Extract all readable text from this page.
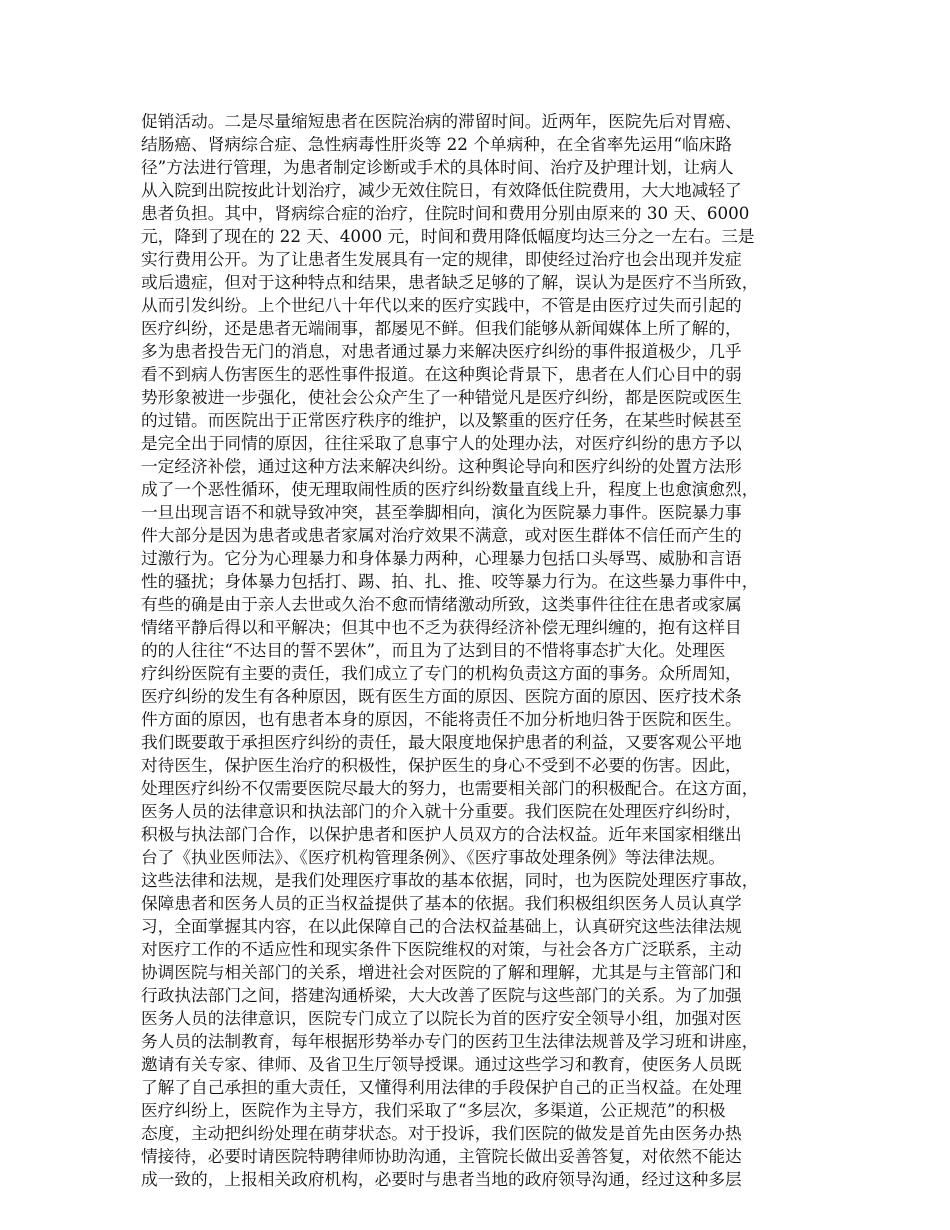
促销活动。二是尽量缩短患者在医院治病的滞留时间。近两年，医院先后对胃癌、
结肠癌、肾病综合症、急性病毒性肝炎等 22 个单病种，在全省率先运用“临床路
径”方法进行管理，为患者制定诊断或手术的具体时间、治疗及护理计划，让病人
从入院到出院按此计划治疗，减少无效住院日，有效降低住院费用，大大地减轻了
患者负担。其中，肾病综合症的治疗，住院时间和费用分别由原来的 30 天、6000
元，降到了现在的 22 天、4000 元，时间和费用降低幅度均达三分之一左右。三是
实行费用公开。为了让患者生发展具有一定的规律，即使经过治疗也会出现并发症
或后遗症，但对于这种特点和结果，患者缺乏足够的了解，误认为是医疗不当所致，
从而引发纠纷。上个世纪八十年代以来的医疗实践中，不管是由医疗过失而引起的
医疗纠纷，还是患者无端闹事，都屡见不鲜。但我们能够从新闻媒体上所了解的，
多为患者投告无门的消息，对患者通过暴力来解决医疗纠纷的事件报道极少，几乎
看不到病人伤害医生的恶性事件报道。在这种舆论背景下，患者在人们心目中的弱
势形象被进一步强化，使社会公众产生了一种错觉凡是医疗纠纷，都是医院或医生
的过错。而医院出于正常医疗秩序的维护，以及繁重的医疗任务，在某些时候甚至
是完全出于同情的原因，往往采取了息事宁人的处理办法，对医疗纠纷的患方予以
一定经济补偿，通过这种方法来解决纠纷。这种舆论导向和医疗纠纷的处置方法形
成了一个恶性循环，使无理取闹性质的医疗纠纷数量直线上升，程度上也愈演愈烈，
一旦出现言语不和就导致冲突，甚至拳脚相向，演化为医院暴力事件。医院暴力事
件大部分是因为患者或患者家属对治疗效果不满意，或对医生群体不信任而产生的
过激行为。它分为心理暴力和身体暴力两种，心理暴力包括口头辱骂、威胁和言语
性的骚扰；身体暴力包括打、踢、拍、扎、推、咬等暴力行为。在这些暴力事件中，
有些的确是由于亲人去世或久治不愈而情绪激动所致，这类事件往往在患者或家属
情绪平静后得以和平解决；但其中也不乏为获得经济补偿无理纠缠的，抱有这样目
的的人往往“不达目的誓不罢休”，而且为了达到目的不惜将事态扩大化。处理医
疗纠纷医院有主要的责任，我们成立了专门的机构负责这方面的事务。众所周知，
医疗纠纷的发生有各种原因，既有医生方面的原因、医院方面的原因、医疗技术条
件方面的原因，也有患者本身的原因，不能将责任不加分析地归咎于医院和医生。
我们既要敢于承担医疗纠纷的责任，最大限度地保护患者的利益，又要客观公平地
对待医生，保护医生治疗的积极性，保护医生的身心不受到不必要的伤害。因此，
处理医疗纠纷不仅需要医院尽最大的努力，也需要相关部门的积极配合。在这方面，
医务人员的法律意识和执法部门的介入就十分重要。我们医院在处理医疗纠纷时，
积极与执法部门合作，以保护患者和医护人员双方的合法权益。近年来国家相继出
台了《执业医师法》、《医疗机构管理条例》、《医疗事故处理条例》等法律法规。
这些法律和法规，是我们处理医疗事故的基本依据，同时，也为医院处理医疗事故，
保障患者和医务人员的正当权益提供了基本的依据。我们积极组织医务人员认真学
习，全面掌握其内容，在以此保障自己的合法权益基础上，认真研究这些法律法规
对医疗工作的不适应性和现实条件下医院维权的对策，与社会各方广泛联系，主动
协调医院与相关部门的关系，增进社会对医院的了解和理解，尤其是与主管部门和
行政执法部门之间，搭建沟通桥梁，大大改善了医院与这些部门的关系。为了加强
医务人员的法律意识，医院专门成立了以院长为首的医疗安全领导小组，加强对医
务人员的法制教育，每年根据形势举办专门的医药卫生法律法规普及学习班和讲座，
邀请有关专家、律师、及省卫生厅领导授课。通过这些学习和教育，使医务人员既
了解了自己承担的重大责任，又懂得利用法律的手段保护自己的正当权益。在处理
医疗纠纷上，医院作为主导方，我们采取了“多层次，多渠道，公正规范”的积极
态度，主动把纠纷处理在萌芽状态。对于投诉，我们医院的做发是首先由医务办热
情接待，必要时请医院特聘律师协助沟通，主管院长做出妥善答复，对依然不能达
成一致的，上报相关政府机构，必要时与患者当地的政府领导沟通，经过这种多层
